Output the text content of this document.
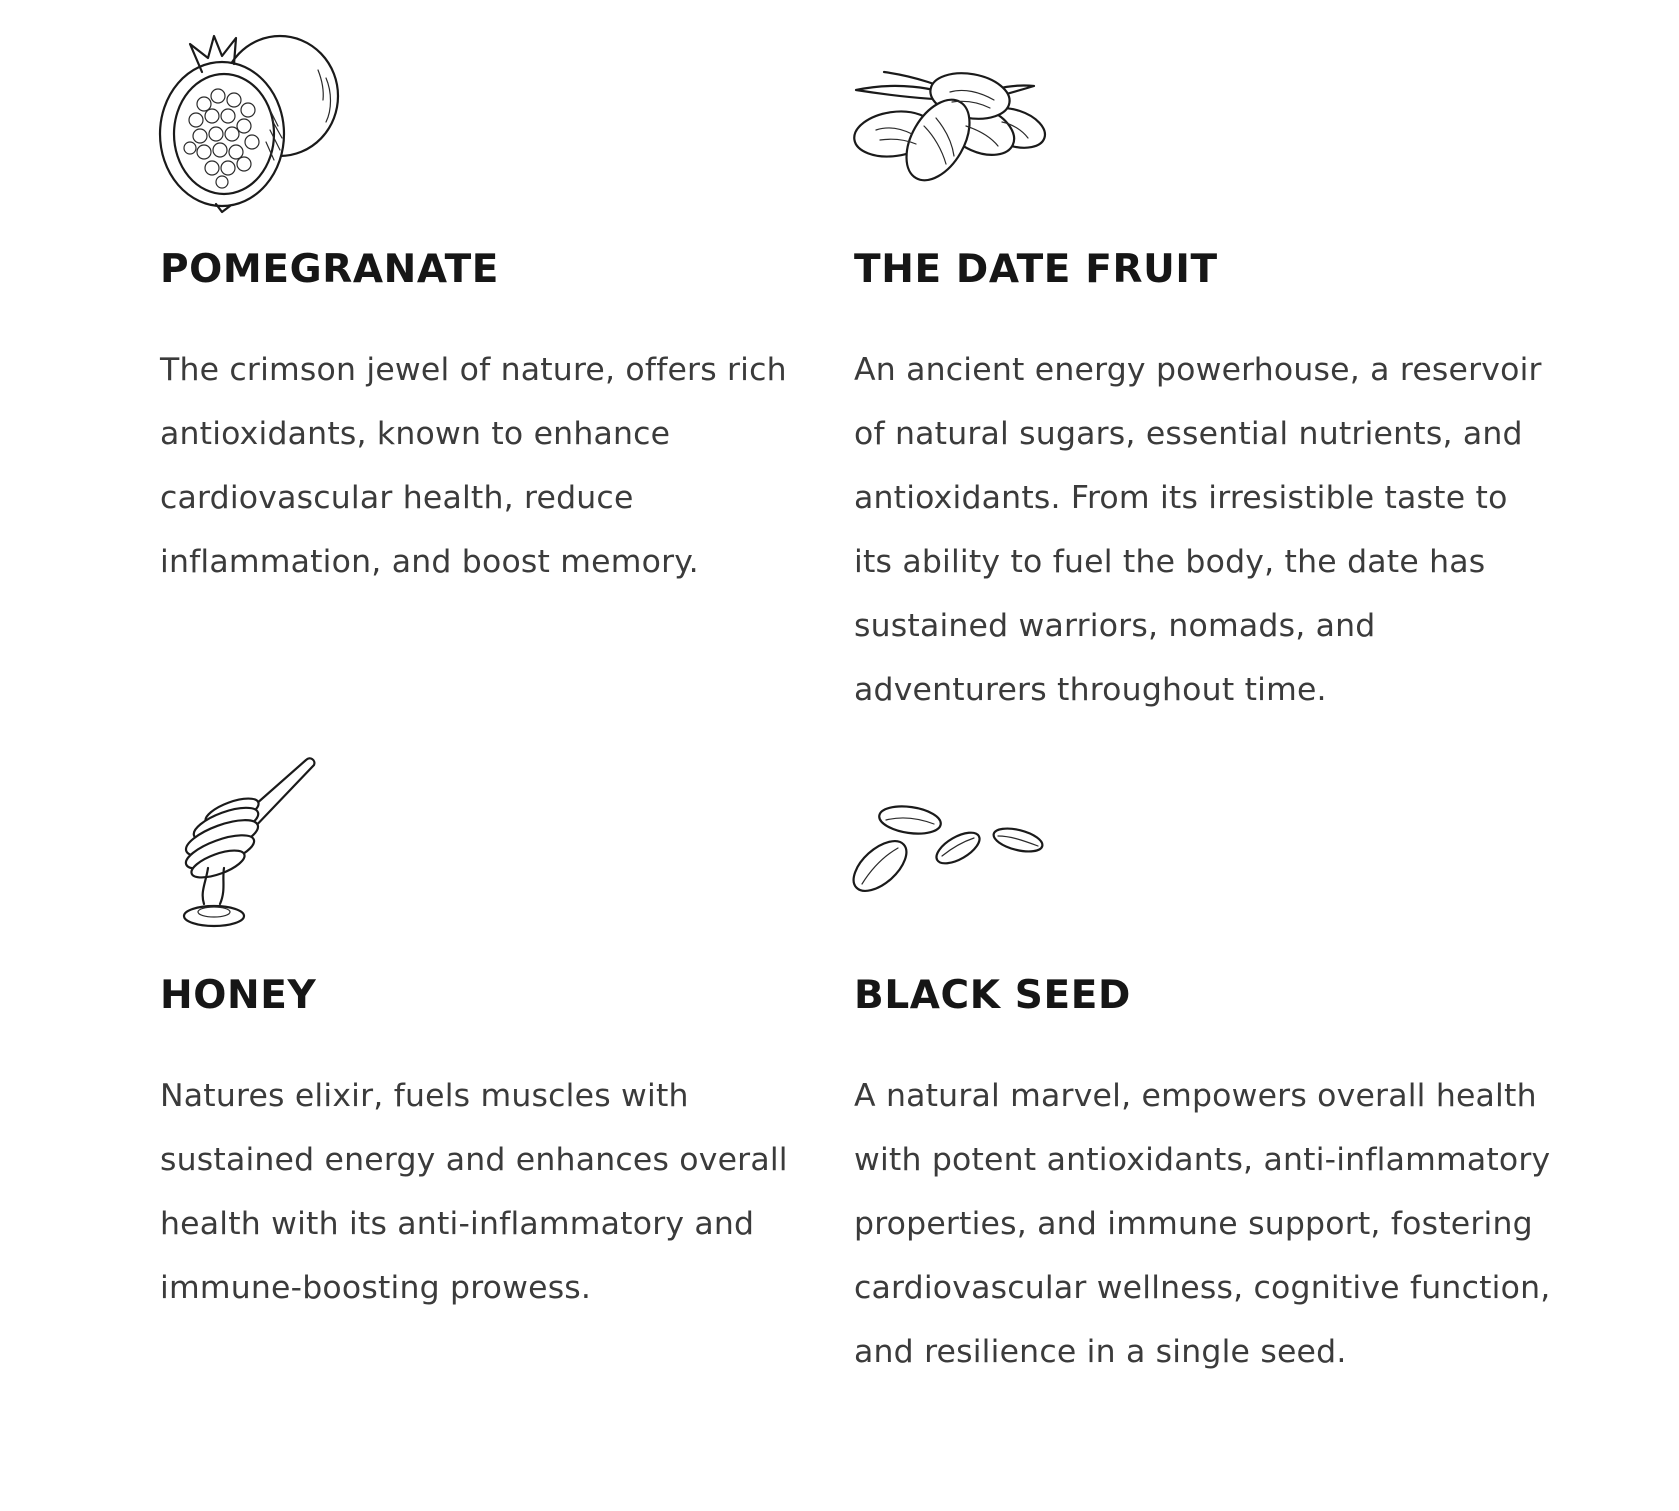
POMEGRANATE

The crimson jewel of nature, offers rich antioxidants, known to enhance cardiovascular health, reduce inflammation, and boost memory.

THE DATE FRUIT

An ancient energy powerhouse, a reservoir of natural sugars, essential nutrients, and antioxidants. From its irresistible taste to its ability to fuel the body, the date has sustained warriors, nomads, and adventurers throughout time.

HONEY

Natures elixir, fuels muscles with sustained energy and enhances overall health with its anti-inflammatory and immune-boosting prowess.

BLACK SEED

A natural marvel, empowers overall health with potent antioxidants, anti-inflammatory properties, and immune support, fostering cardiovascular wellness, cognitive function, and resilience in a single seed.
